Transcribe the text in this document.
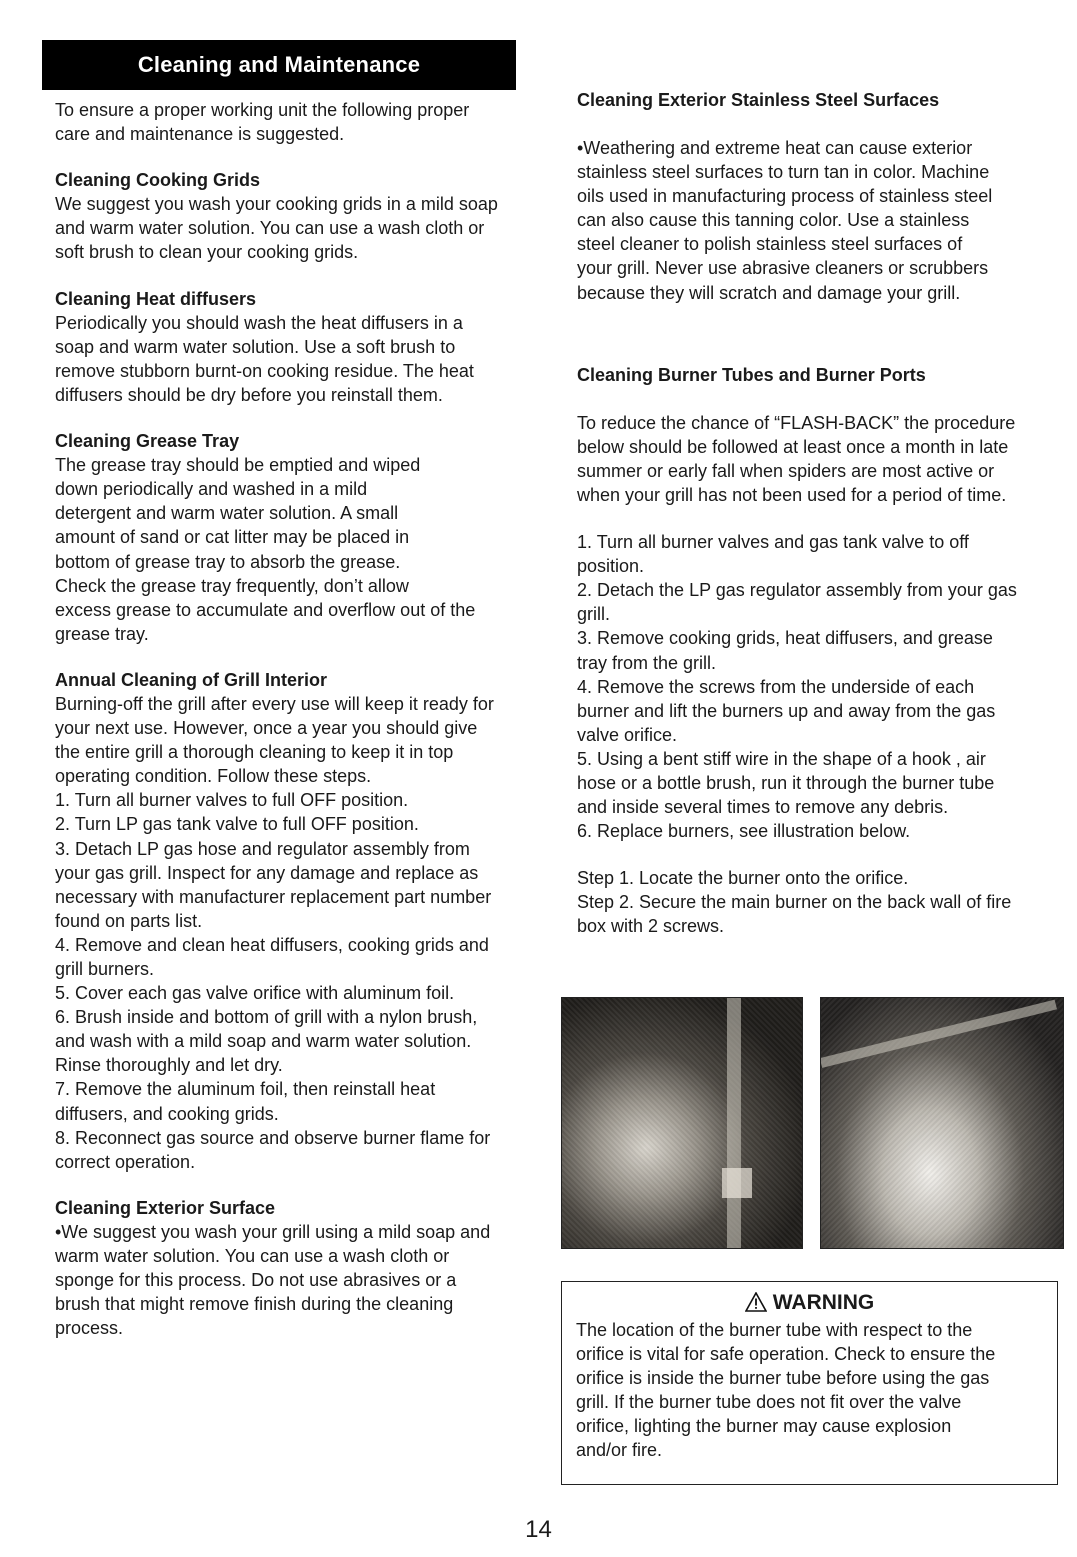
Cleaning and Maintenance

To ensure a proper working unit the following proper

care and maintenance is suggested.

Cleaning Cooking Grids

We suggest you wash your cooking grids in a mild soap

and warm water solution. You can use a wash cloth or

soft brush to clean your cooking grids.

Cleaning Heat diffusers

Periodically you should wash the heat diffusers in a

soap and warm water solution. Use a soft brush to

remove stubborn burnt-on cooking residue. The heat

diffusers should be dry before you reinstall them.

Cleaning Grease Tray

The grease tray should be emptied and wiped

down periodically and washed in a mild

detergent and warm water solution. A small

amount of sand or cat litter may be placed in

bottom of grease tray to absorb the grease.

Check the grease tray frequently, don’t allow

excess grease to accumulate and overflow out of the

grease tray.

Annual Cleaning of Grill Interior

Burning-off the grill after every use will keep it ready for

your next use. However, once a year you should give

the entire grill a thorough cleaning to keep it in top

operating condition. Follow these steps.

1. Turn all burner valves to full OFF position.

2. Turn LP gas tank valve to full OFF position.

3. Detach LP gas hose and regulator assembly from

your gas grill. Inspect for any damage and replace as

necessary with manufacturer replacement part number

found on parts list.

4. Remove and clean heat diffusers, cooking grids and

grill burners.

5. Cover each gas valve orifice with aluminum foil.

6. Brush inside and bottom of grill with a nylon brush,

and wash with a mild soap and warm water solution.

Rinse thoroughly and let dry.

7. Remove the aluminum foil, then reinstall heat

diffusers, and cooking grids.

8. Reconnect gas source and observe burner flame for

correct operation.

Cleaning Exterior Surface

•We suggest you wash your grill using a mild soap and

warm water solution. You can use a wash cloth or

sponge for this process. Do not use abrasives or a

brush that might remove finish during the cleaning

process.

Cleaning Exterior Stainless Steel Surfaces

•Weathering and extreme heat can cause exterior

stainless steel surfaces to turn tan in color. Machine

oils used in manufacturing process of stainless steel

can also cause this tanning color. Use a stainless

steel cleaner to polish stainless steel surfaces of

your grill. Never use abrasive cleaners or scrubbers

because they will scratch and damage your grill.

Cleaning Burner Tubes and Burner Ports

To reduce the chance of “FLASH-BACK” the procedure

below should be followed at least once a month in late

summer or early fall when spiders are most active or

when your grill has not been used for a period of time.

1. Turn all burner valves and gas tank valve to off

position.

2. Detach the LP gas regulator assembly from your gas

grill.

3. Remove cooking grids, heat diffusers, and grease

tray from the grill.

4. Remove the screws from the underside of each

burner and lift the burners up and away from the gas

valve orifice.

5. Using a bent stiff wire in the shape of a hook , air

hose or a bottle brush, run it through the burner tube

and inside several times to remove any debris.

6. Replace burners, see illustration below.

Step 1. Locate the burner onto the orifice.

Step 2. Secure the main burner on the back wall of fire

box with 2 screws.

WARNING

The location of the burner tube with respect to the

orifice is vital for safe operation. Check to ensure the

orifice is inside the burner tube before using the gas

grill. If the burner tube does not fit over the valve

orifice, lighting the burner may cause explosion

and/or fire.

14
